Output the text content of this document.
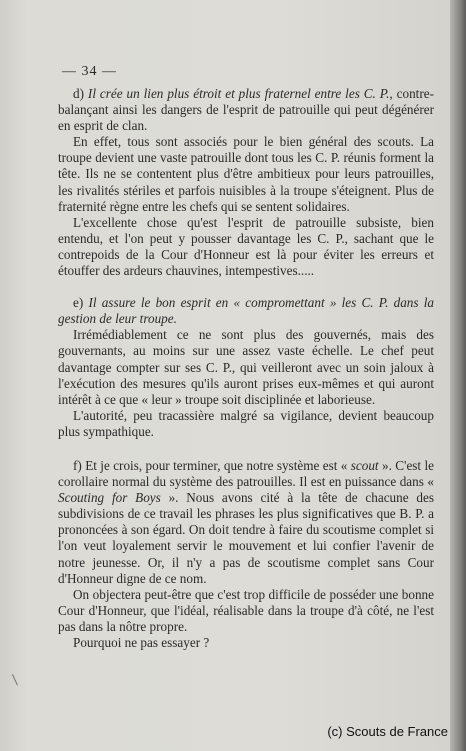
— 34 —

d) Il crée un lien plus étroit et plus fraternel entre les C. P., contre-balançant ainsi les dangers de l'esprit de patrouille qui peut dégénérer en esprit de clan.

En effet, tous sont associés pour le bien général des scouts. La troupe devient une vaste patrouille dont tous les C. P. réunis forment la tête. Ils ne se contentent plus d'être ambitieux pour leurs patrouilles, les rivalités stériles et parfois nuisibles à la troupe s'éteignent. Plus de fraternité règne entre les chefs qui se sentent solidaires.

L'excellente chose qu'est l'esprit de patrouille subsiste, bien entendu, et l'on peut y pousser davantage les C. P., sachant que le contrepoids de la Cour d'Honneur est là pour éviter les erreurs et étouffer des ardeurs chauvines, intempestives.....

e) Il assure le bon esprit en « compromettant » les C. P. dans la gestion de leur troupe.

Irrémédiablement ce ne sont plus des gouvernés, mais des gouvernants, au moins sur une assez vaste échelle. Le chef peut davantage compter sur ses C. P., qui veilleront avec un soin jaloux à l'exécution des mesures qu'ils auront prises eux-mêmes et qui auront intérêt à ce que « leur » troupe soit disciplinée et laborieuse.

L'autorité, peu tracassière malgré sa vigilance, devient beaucoup plus sympathique.

f) Et je crois, pour terminer, que notre système est « scout ». C'est le corollaire normal du système des patrouilles. Il est en puissance dans « Scouting for Boys ». Nous avons cité à la tête de chacune des subdivisions de ce travail les phrases les plus significatives que B. P. a prononcées à son égard. On doit tendre à faire du scoutisme complet si l'on veut loyalement servir le mouvement et lui confier l'avenir de notre jeunesse. Or, il n'y a pas de scoutisme complet sans Cour d'Honneur digne de ce nom.

On objectera peut-être que c'est trop difficile de posséder une bonne Cour d'Honneur, que l'idéal, réalisable dans la troupe d'à côté, ne l'est pas dans la nôtre propre.

Pourquoi ne pas essayer ?

(c) Scouts de France
